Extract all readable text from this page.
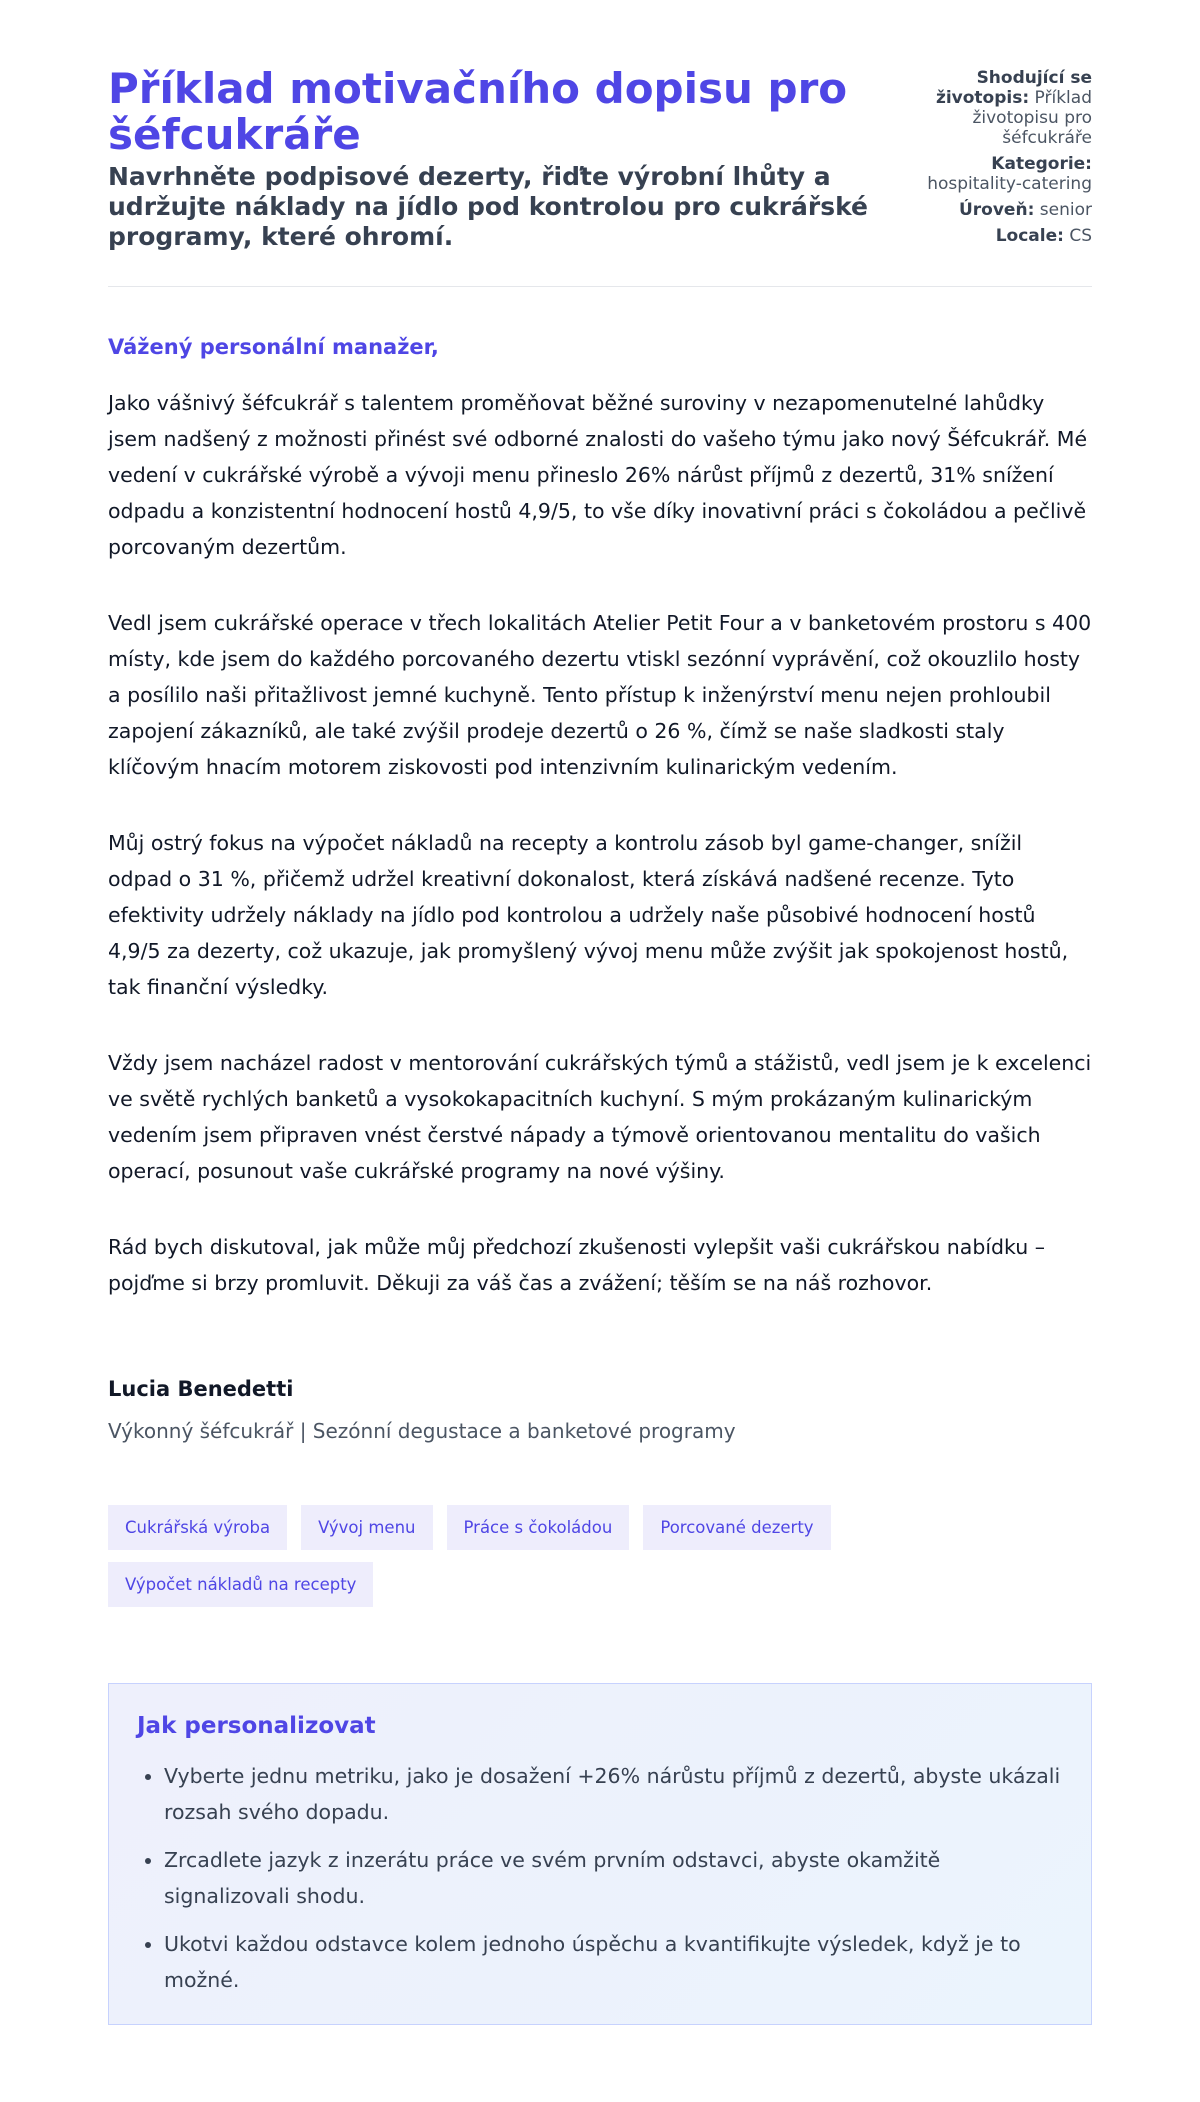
Příklad motivačního dopisu pro šéfcukráře
Navrhněte podpisové dezerty, řiďte výrobní lhůty a udržujte náklady na jídlo pod kontrolou pro cukrářské programy, které ohromí.
Shodující se životopis: Příklad životopisu pro šéfcukráře
Kategorie: hospitality-catering
Úroveň: senior
Locale: CS

Vážený personální manažer,

Jako vášnivý šéfcukrář s talentem proměňovat běžné suroviny v nezapomenutelné lahůdky jsem nadšený z možnosti přinést své odborné znalosti do vašeho týmu jako nový Šéfcukrář. Mé vedení v cukrářské výrobě a vývoji menu přineslo 26% nárůst příjmů z dezertů, 31% snížení odpadu a konzistentní hodnocení hostů 4,9/5, to vše díky inovativní práci s čokoládou a pečlivě porcovaným dezertům.

Vedl jsem cukrářské operace v třech lokalitách Atelier Petit Four a v banketovém prostoru s 400 místy, kde jsem do každého porcovaného dezertu vtiskl sezónní vyprávění, což okouzlilo hosty a posílilo naši přitažlivost jemné kuchyně. Tento přístup k inženýrství menu nejen prohloubil zapojení zákazníků, ale také zvýšil prodeje dezertů o 26 %, čímž se naše sladkosti staly klíčovým hnacím motorem ziskovosti pod intenzivním kulinarickým vedením.

Můj ostrý fokus na výpočet nákladů na recepty a kontrolu zásob byl game-changer, snížil odpad o 31 %, přičemž udržel kreativní dokonalost, která získává nadšené recenze. Tyto efektivity udržely náklady na jídlo pod kontrolou a udržely naše působivé hodnocení hostů 4,9/5 za dezerty, což ukazuje, jak promyšlený vývoj menu může zvýšit jak spokojenost hostů, tak finanční výsledky.

Vždy jsem nacházel radost v mentorování cukrářských týmů a stážistů, vedl jsem je k excelenci ve světě rychlých banketů a vysokokapacitních kuchyní. S mým prokázaným kulinarickým vedením jsem připraven vnést čerstvé nápady a týmově orientovanou mentalitu do vašich operací, posunout vaše cukrářské programy na nové výšiny.

Rád bych diskutoval, jak může můj předchozí zkušenosti vylepšit vaši cukrářskou nabídku – pojďme si brzy promluvit. Děkuji za váš čas a zvážení; těším se na náš rozhovor.

Lucia Benedetti

Výkonný šéfcukrář | Sezónní degustace a banketové programy

Cukrářská výroba	Vývoj menu	Práce s čokoládou	Porcované dezerty
Výpočet nákladů na recepty
Jak personalizovat
• Vyberte jednu metriku, jako je dosažení +26% nárůstu příjmů z dezertů, abyste ukázali rozsah svého dopadu.
• Zrcadlete jazyk z inzerátu práce ve svém prvním odstavci, abyste okamžitě signalizovali shodu.
• Ukotvi každou odstavce kolem jednoho úspěchu a kvantifikujte výsledek, když je to možné.
